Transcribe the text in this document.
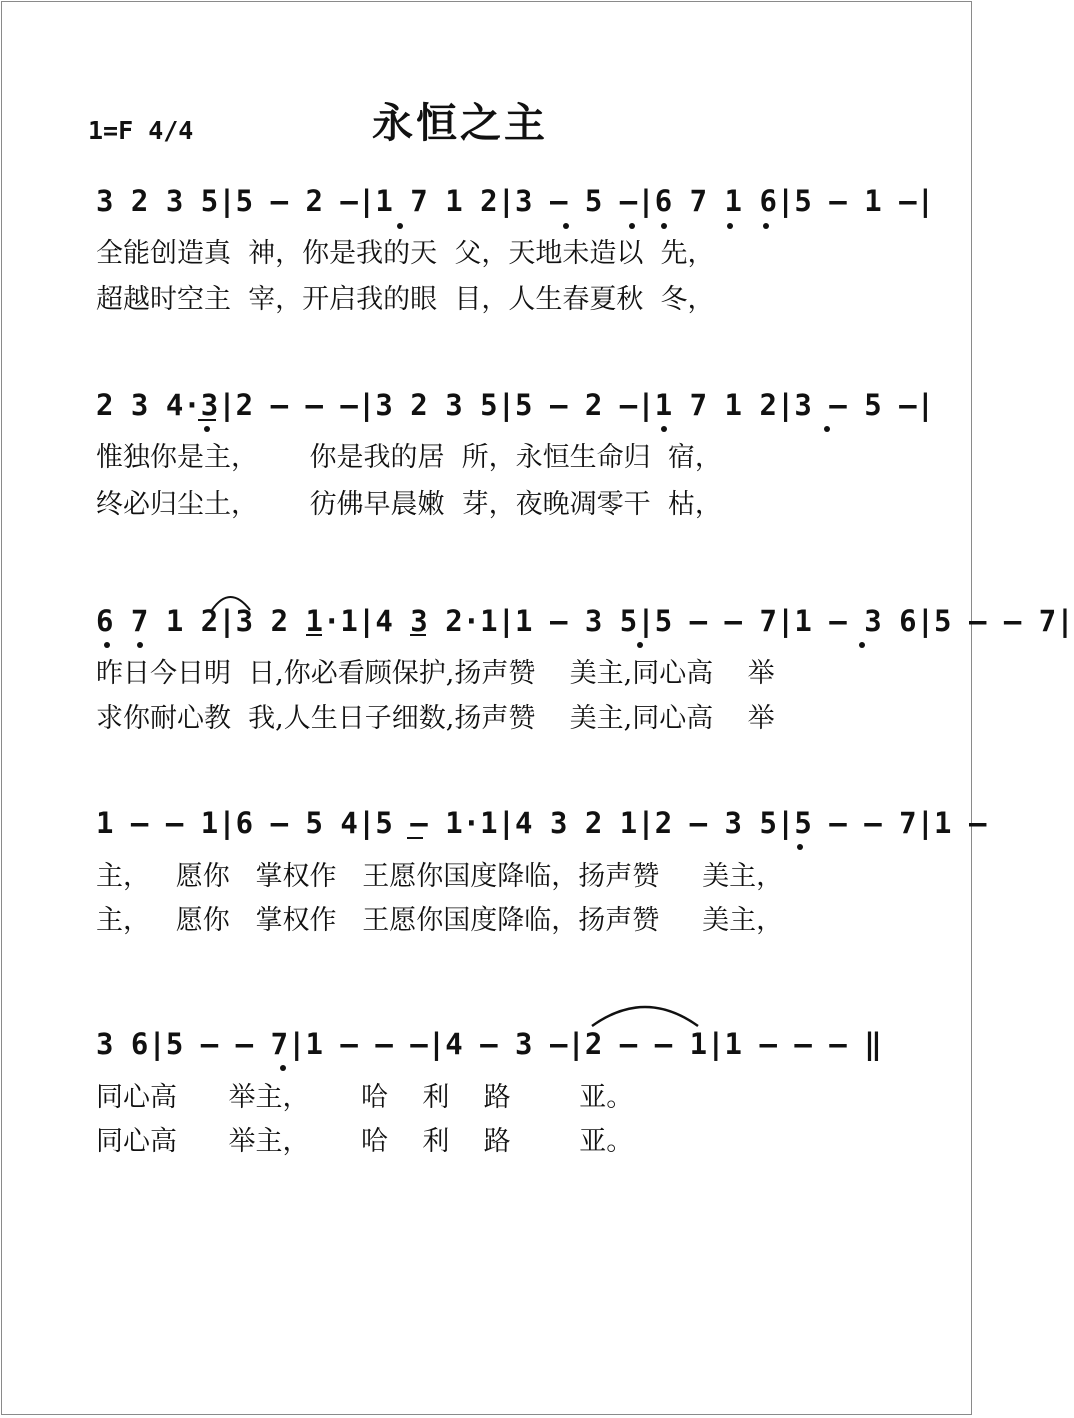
1=F 4/4	永恒之主
3 2 3 5|5 – 2 –|1 7 1 2|3 – 5 –|6 7 1 6|5 – 1 –|
全能创造真  神，你是我的天  父，天地未造以  先，
超越时空主  宰，开启我的眼  目，人生春夏秋  冬，
2 3 4·3|2 – – –|3 2 3 5|5 – 2 –|1 7 1 2|3 – 5 –|
惟独你是主，      你是我的居  所，永恒生命归  宿，
终必归尘土，      彷佛早晨嫩  芽，夜晚凋零干  枯，
6 7 1 2|3 2 1·1|4 3 2·1|1 – 3 5|5 – – 7|1 – 3 6|5 – – 7|
昨日今日明  日,你必看顾保护,扬声赞    美主,同心高    举
求你耐心教  我,人生日子细数,扬声赞    美主,同心高    举
1 – – 1|6 – 5 4|5 – 1·1|4 3 2 1|2 – 3 5|5 – – 7|1 –
主，   愿你   掌权作   王愿你国度降临，扬声赞     美主，
主，   愿你   掌权作   王愿你国度降临，扬声赞     美主，
3 6|5 – – 7|1 – – –|4 – 3 –|2 – – 1|1 – – – ‖
同心高      举主，      哈    利    路        亚。
同心高      举主，      哈    利    路        亚。
